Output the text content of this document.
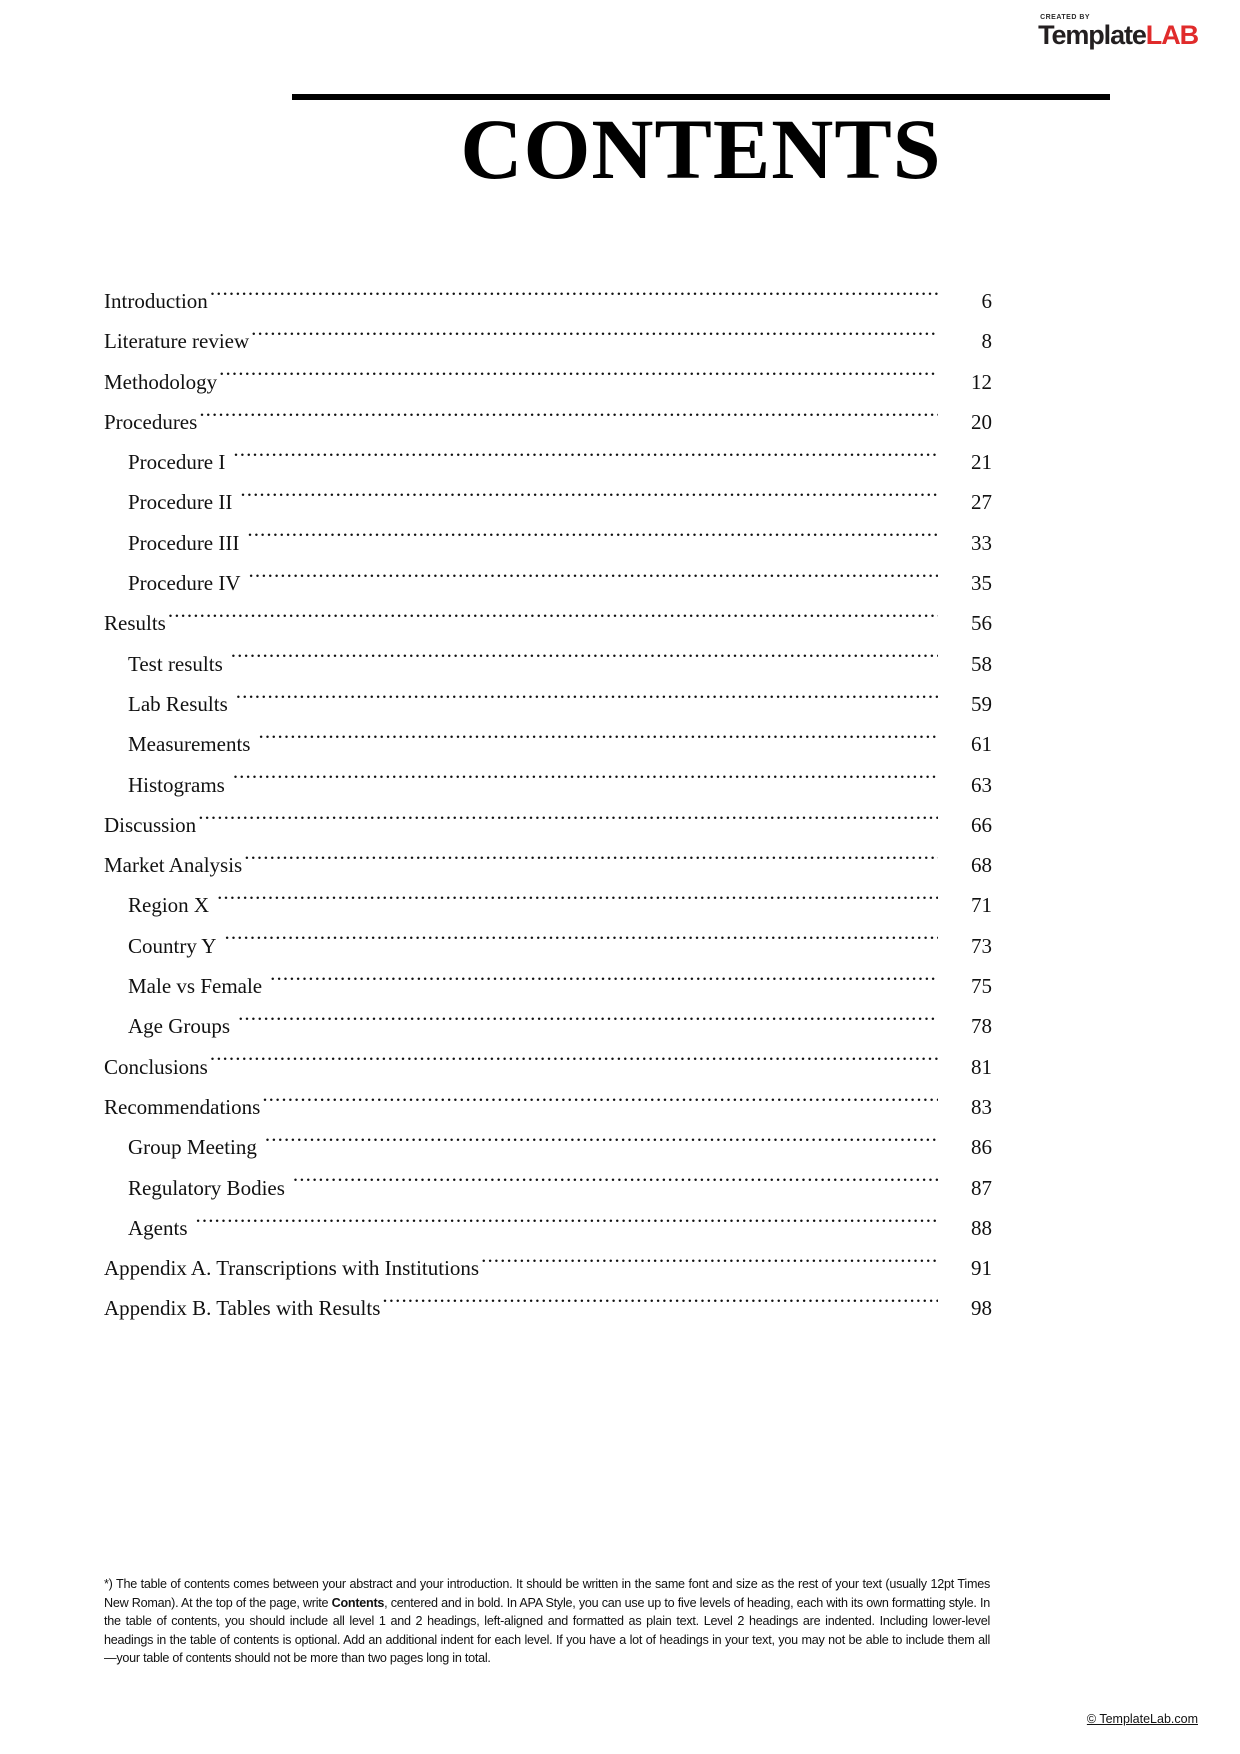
CREATED BY
TemplateLAB
CONTENTS
Introduction .....	6
Literature review .....	8
Methodology .....	12
Procedures .....	20
Procedure I .....	21
Procedure II .....	27
Procedure III .....	33
Procedure IV .....	35
Results .....	56
Test results .....	58
Lab Results .....	59
Measurements .....	61
Histograms .....	63
Discussion .....	66
Market Analysis .....	68
Region X .....	71
Country Y .....	73
Male vs Female .....	75
Age Groups .....	78
Conclusions .....	81
Recommendations .....	83
Group Meeting .....	86
Regulatory Bodies .....	87
Agents .....	88
Appendix A. Transcriptions with Institutions .....	91
Appendix B. Tables with Results .....	98
*) The table of contents comes between your abstract and your introduction. It should be written in the same font and size as the rest of your text (usually 12pt Times New Roman). At the top of the page, write Contents, centered and in bold. In APA Style, you can use up to five levels of heading, each with its own formatting style. In the table of contents, you should include all level 1 and 2 headings, left-aligned and formatted as plain text. Level 2 headings are indented. Including lower-level headings in the table of contents is optional. Add an additional indent for each level. If you have a lot of headings in your text, you may not be able to include them all—your table of contents should not be more than two pages long in total.
© TemplateLab.com
